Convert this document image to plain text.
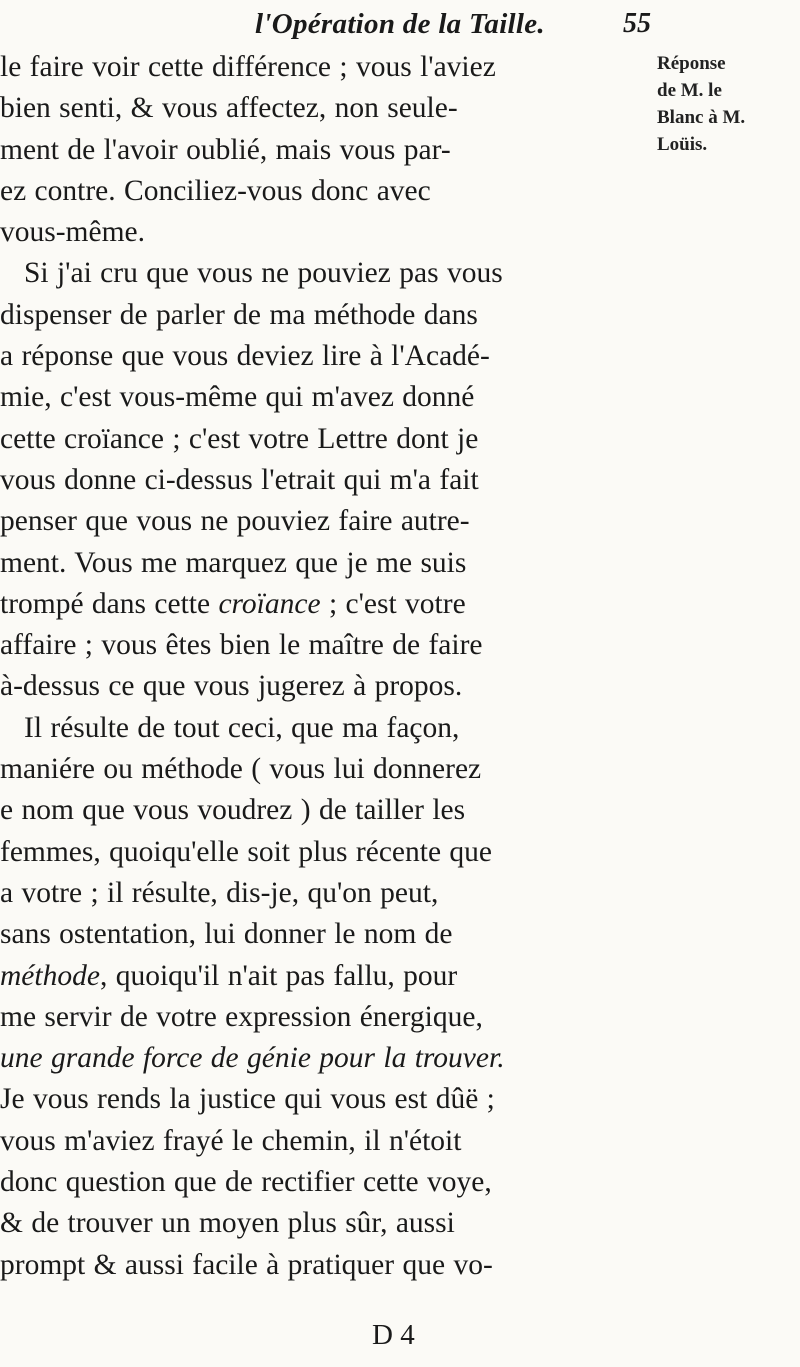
l'Opération de la Taille.	55
Réponse
de M. le
Blanc à M.
Loüis.
le faire voir cette différence ; vous l'aviez
bien senti, & vous affectez, non seule-
ment de l'avoir oublié, mais vous par-
ez contre. Conciliez-vous donc avec
vous-même.
Si j'ai cru que vous ne pouviez pas vous
dispenser de parler de ma méthode dans
a réponse que vous deviez lire à l'Acadé-
mie, c'est vous-même qui m'avez donné
cette croïance ; c'est votre Lettre dont je
vous donne ci-dessus l'etrait qui m'a fait
penser que vous ne pouviez faire autre-
ment. Vous me marquez que je me suis
trompé dans cette croïance ; c'est votre
affaire ; vous êtes bien le maître de faire
à-dessus ce que vous jugerez à propos.
Il résulte de tout ceci, que ma façon,
maniére ou méthode ( vous lui donnerez
e nom que vous voudrez ) de tailler les
femmes, quoiqu'elle soit plus récente que
a votre ; il résulte, dis-je, qu'on peut,
sans ostentation, lui donner le nom de
méthode, quoiqu'il n'ait pas fallu, pour
me servir de votre expression énergique,
une grande force de génie pour la trouver.
Je vous rends la justice qui vous est dûë ;
vous m'aviez frayé le chemin, il n'étoit
donc question que de rectifier cette voye,
& de trouver un moyen plus sûr, aussi
prompt & aussi facile à pratiquer que vo-
D 4
